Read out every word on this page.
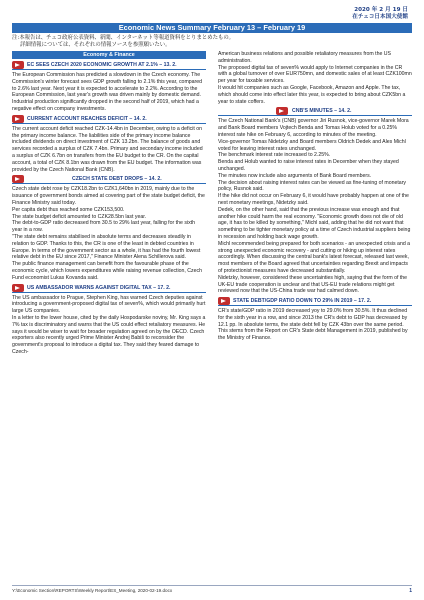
2020 年 2 月 19 日
在チェコ日本国大使館
Economic News Summary February 13 – February 19
注:本報告は、チェコ政府公表資料、新聞、インターネット等報道資料をとりまとめたもの。
詳細情報については、それぞれの情報ソースを参照願いたい。
Economy & Finance
EC SEES CZECH 2020 ECONOMIC GROWTH AT 2.1% – 13. 2.

The European Commission has predicted a slowdown in the Czech economy. The Commission's winter forecast sees GDP growth falling to 2.1% this year, compared to 2.6% last year. Next year it is expected to accelerate to 2.2%. According to the European Commission, last year's growth was driven mainly by domestic demand. Industrial production significantly dropped in the second half of 2019, which had a negative effect on company investments.

CURRENT ACCOUNT REACHES DEFICIT – 14. 2.

The current account deficit reached CZK-14.4bn in December, owing to a deficit on the primary income balance. The liabilities side of the primary income balance included dividends on direct investment of CZK 13.2bn. The balance of goods and services recorded a surplus of CZK 7.4bn. Primary and secondary income included a surplus of CZK 6.7bn on transfers from the EU budget to the CR. On the capital account, a total of CZK 8.1bn was drawn from the EU budget. The information was provided by the Czech National Bank (CNB).

CZECH STATE DEBT DROPS – 14. 2.

Czech state debt rose by CZK18.2bn to CZK1,640bn in 2019, mainly due to the issuance of government bonds aimed at covering part of the state budget deficit, the Finance Ministry said today.

Per capita debt thus reached some CZK153,500.

The state budget deficit amounted to CZK28.5bn last year.

The debt-to-GDP ratio decreased from 30.5 to 29% last year, falling for the sixth year in a row.

"The state debt remains stabilised in absolute terms and decreases steadily in relation to GDP. Thanks to this, the CR is one of the least in debted countries in Europe. In terms of the government sector as a whole, it has had the fourth lowest relative debt in the EU since 2017," Finance Minister Alena Schillerova said.

The public finance management can benefit from the favourable phase of the economic cycle, which lowers expenditures while raising revenue collection, Czech Fund economist Lukas Kovanda said.

US AMBASSADOR WARNS AGAINST DIGITAL TAX – 17. 2.

The US ambassador to Prague, Stephen King, has warned Czech deputies against introducing a government-proposed digital tax of seven%, which would primarily hurt large US companies.

In a letter to the lower house, cited by the daily Hospodarske noviny, Mr. King says a 7% tax is discriminatory and warns that the US could effect retaliatory measures. He says it would be wiser to wait for broader regulation agreed on by the OECD. Czech exporters also recently urged Prime Minister Andrej Babiš to reconsider the government's proposal to introduce a digital tax. They said they feared damage to Czech-

American business relations and possible retaliatory measures from the US administration.

The proposed digital tax of seven% would apply to Internet companies in the CR with a global turnover of over EUR750mn, and domestic sales of at least CZK100mn per year for taxable services.

It would hit companies such as Google, Facebook, Amazon and Apple. The tax, which should come into effect later this year, is expected to bring about CZK5bn a year to state coffers.

CNB'S MINUTES – 14. 2.

The Czech National Bank's (CNB) governor Jiri Rusnok, vice-governor Marek Mora and Bank Board members Vojtech Benda and Tomas Holub voted for a 0.25% interest rate hike on February 6, according to minutes of the meeting.

Vice-governor Tomas Nidetzky and Board members Oldrich Dedek and Ales Michl voted for leaving interest rates unchanged.

The benchmark interest rate increased to 2.25%.

Benda and Holub wanted to raise interest rates in December when they stayed unchanged.

The minutes now include also arguments of Bank Board members.

The decision about raising interest rates can be viewed as fine-tuning of monetary policy, Rusnok said.

If the hike did not occur on February 6, it would have probably happen at one of the next monetary meetings, Nidetzky said.

Dedek, on the other hand, said that the previous increase was enough and that another hike could harm the real economy. "Economic growth does not die of old age, it has to be killed by something," Michl said, adding that he did not want that something to be tighter monetary policy at a time of Czech industrial suppliers being in recession and holding back wage growth.

Michl recommended being prepared for both scenarios - an unexpected crisis and a strong unexpected economic recovery - and cutting or hiking up interest rates accordingly. When discussing the central bank's latest forecast, released last week, most members of the Board agreed that uncertainties regarding Brexit and impacts of protectionist measures have decreased substantially.

Nidetzky, however, considered these uncertainties high, saying that the form of the UK-EU trade cooperation is unclear and that US-EU trade relations might get reviewed now that the US-China trade war had calmed down.

STATE DEBT/GDP RATIO DOWN TO 29% IN 2019 – 17. 2.

CR's state/GDP ratio in 2019 decreased yoy to 29.0% from 30.5%. It thus declined for the sixth year in a row, and since 2013 the CR's debt to GDP has decreased by 12.1 pp. In absolute terms, the state debt fell by CZK 43bn over the same period. This stems from the Report on CR's State debt Management in 2019, published by the Ministry of Finance.

Y:\Economic Section\REPORTS\Weekly Report\ES_Meeting, 2020-02-19.docx	1
